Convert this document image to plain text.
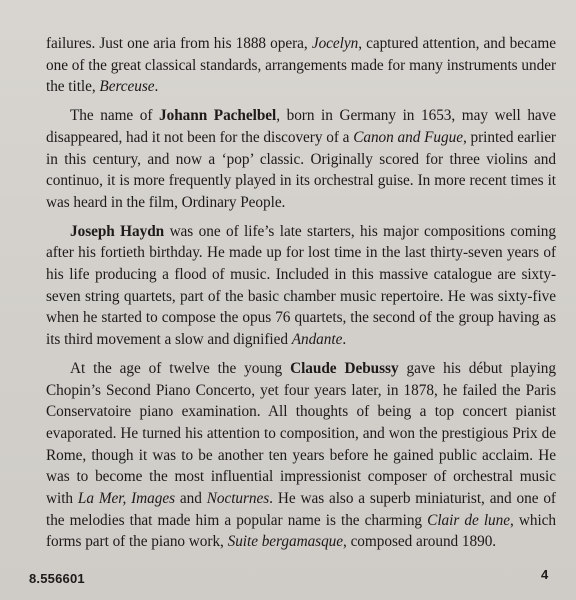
failures. Just one aria from his 1888 opera, Jocelyn, captured attention, and became one of the great classical standards, arrangements made for many instruments under the title, Berceuse.

The name of Johann Pachelbel, born in Germany in 1653, may well have disappeared, had it not been for the discovery of a Canon and Fugue, printed earlier in this century, and now a ‘pop’ classic. Originally scored for three violins and continuo, it is more frequently played in its orchestral guise. In more recent times it was heard in the film, Ordinary People.

Joseph Haydn was one of life’s late starters, his major compositions coming after his fortieth birthday. He made up for lost time in the last thirty-seven years of his life producing a flood of music. Included in this massive catalogue are sixty-seven string quartets, part of the basic chamber music repertoire. He was sixty-five when he started to compose the opus 76 quartets, the second of the group having as its third movement a slow and dignified Andante.

At the age of twelve the young Claude Debussy gave his début playing Chopin’s Second Piano Concerto, yet four years later, in 1878, he failed the Paris Conservatoire piano examination. All thoughts of being a top concert pianist evaporated. He turned his attention to composition, and won the prestigious Prix de Rome, though it was to be another ten years before he gained public acclaim. He was to become the most influential impressionist composer of orchestral music with La Mer, Images and Nocturnes. He was also a superb miniaturist, and one of the melodies that made him a popular name is the charming Clair de lune, which forms part of the piano work, Suite bergamasque, composed around 1890.

8.556601	4
